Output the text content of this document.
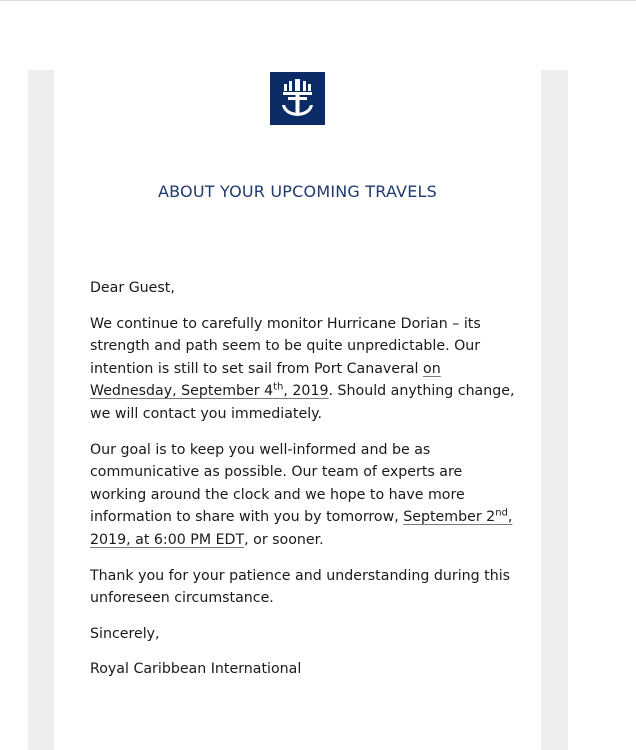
ABOUT YOUR UPCOMING TRAVELS

Dear Guest,

We continue to carefully monitor Hurricane Dorian – its strength and path seem to be quite unpredictable. Our intention is still to set sail from Port Canaveral on Wednesday, September 4th, 2019. Should anything change, we will contact you immediately.

Our goal is to keep you well-informed and be as communicative as possible. Our team of experts are working around the clock and we hope to have more information to share with you by tomorrow, September 2nd, 2019, at 6:00 PM EDT, or sooner.

Thank you for your patience and understanding during this unforeseen circumstance.

Sincerely,

Royal Caribbean International
